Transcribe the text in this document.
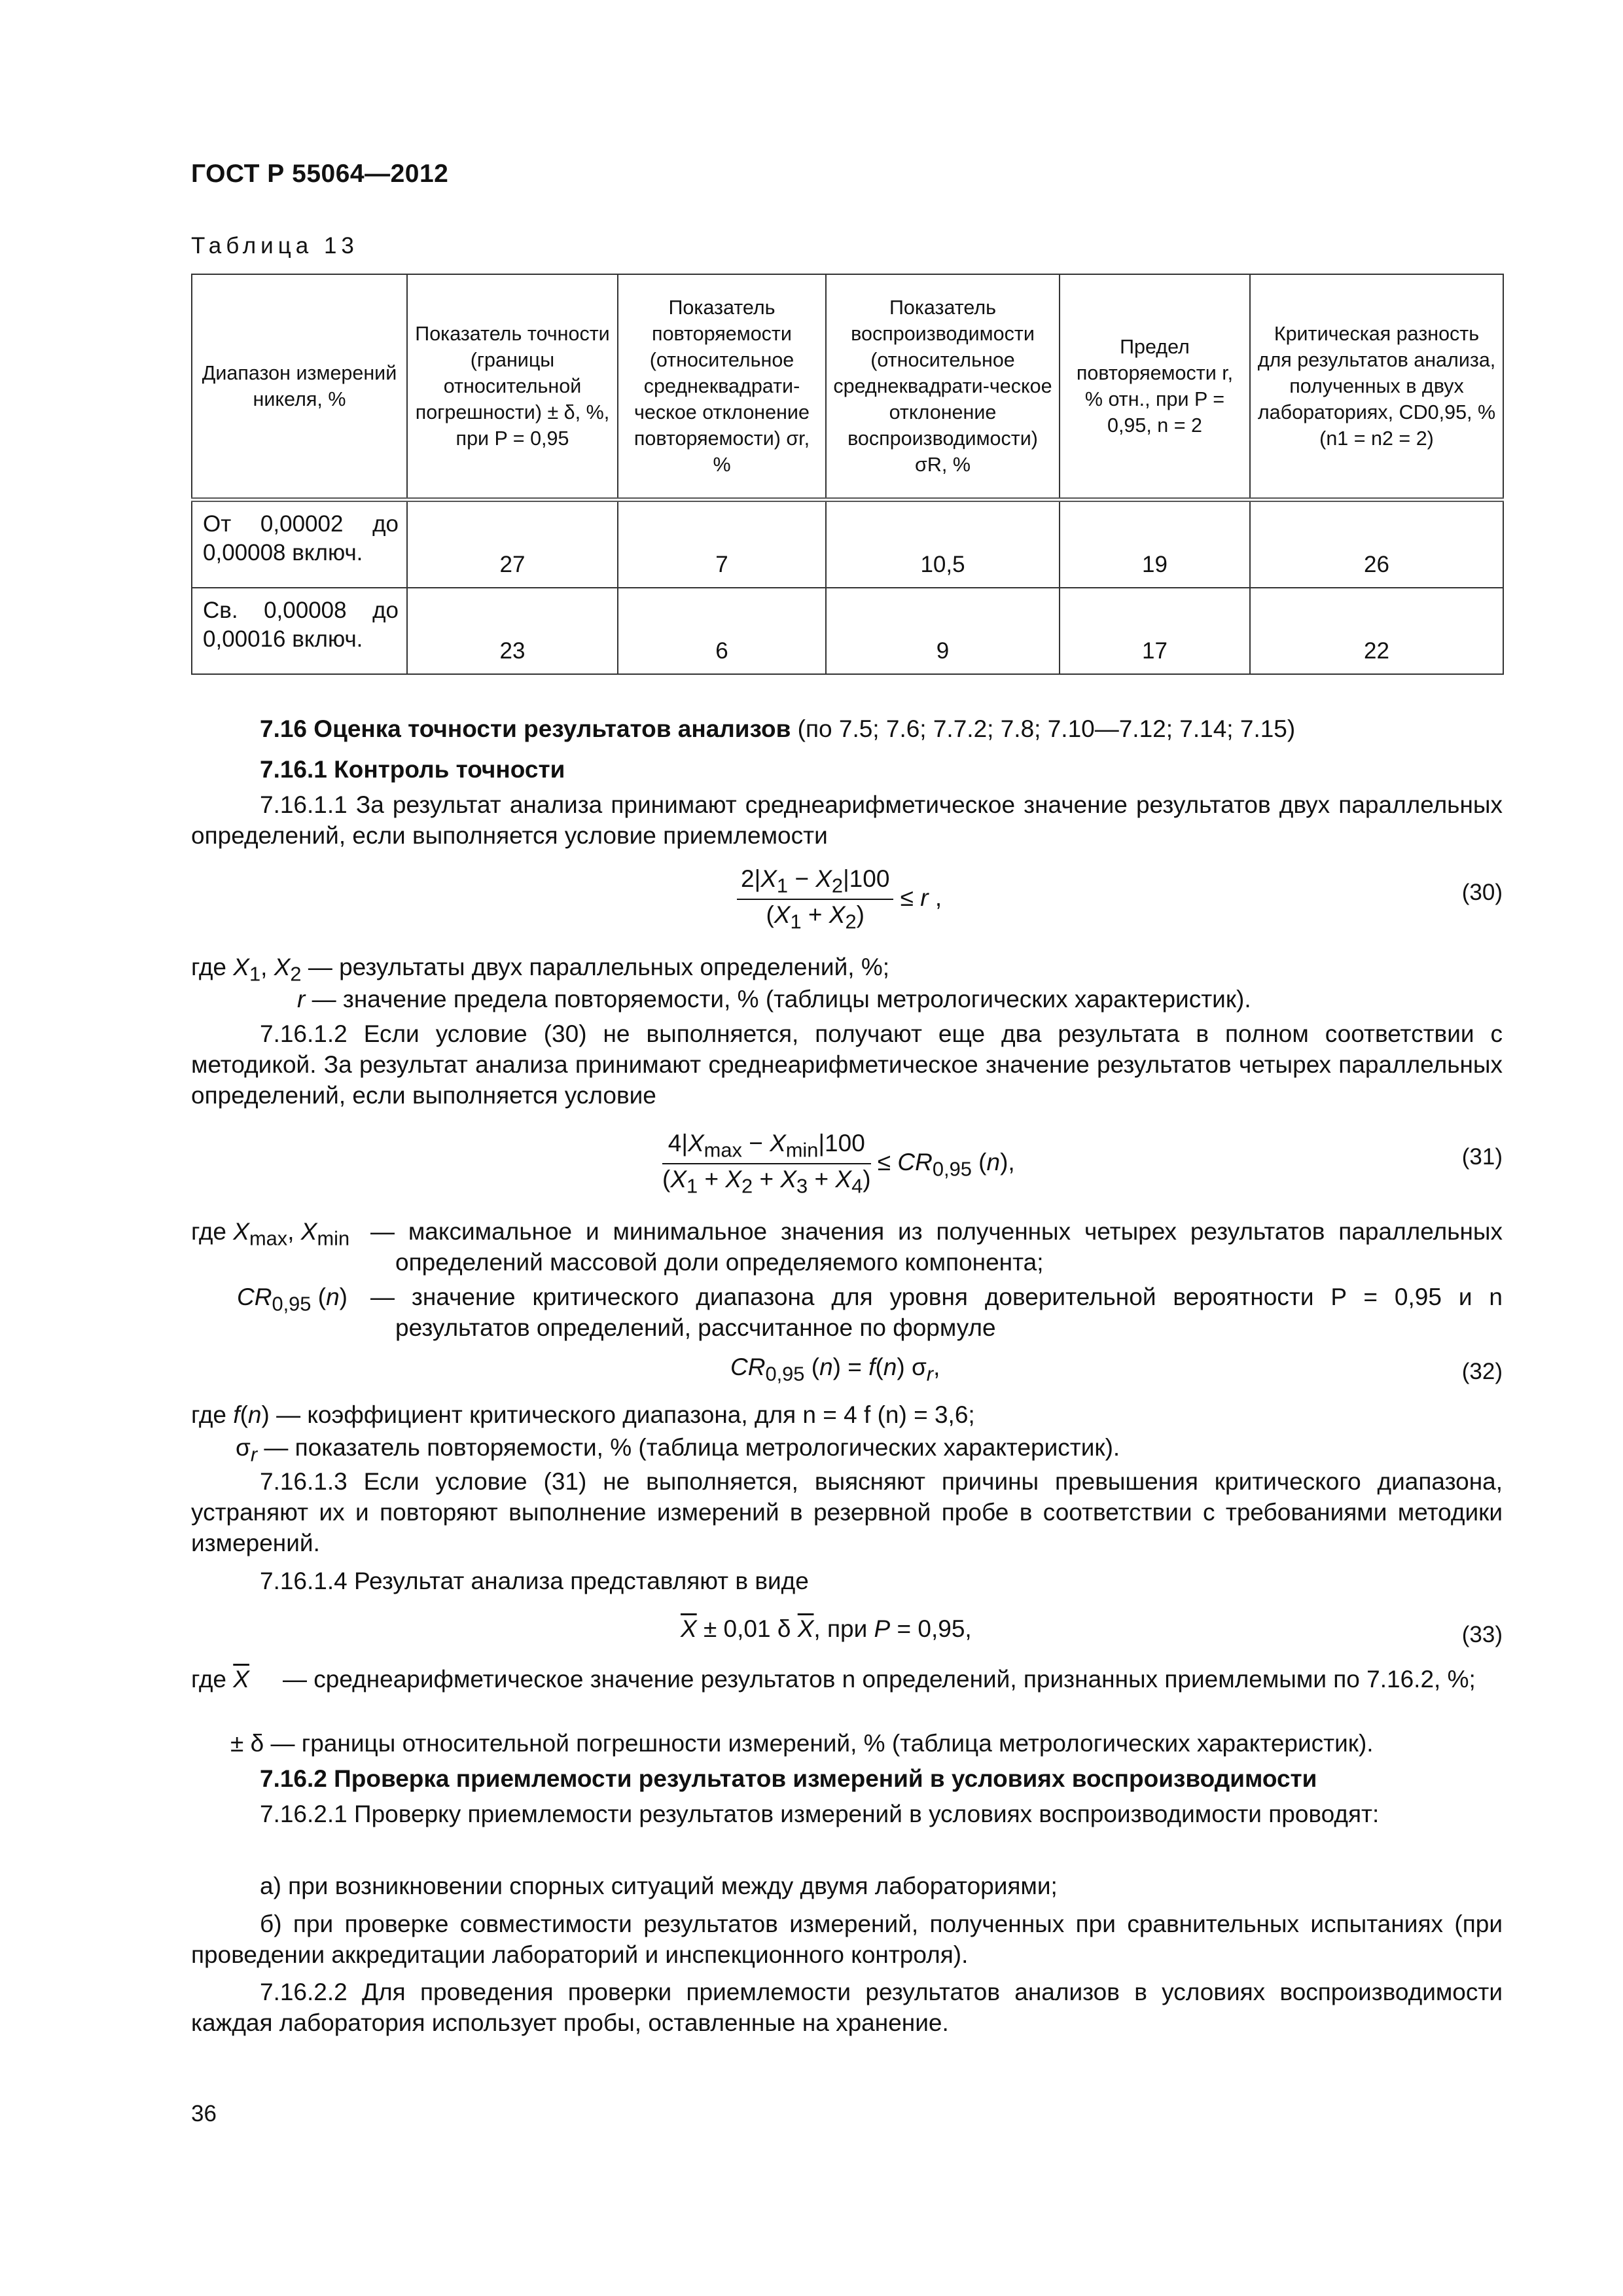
ГОСТ Р 55064—2012
Таблица 13
Диапазон измерений никеля, %	Показатель точности (границы относительной погрешности) ± δ, %, при P = 0,95	Показатель повторяемости (относительное среднеквадрати-ческое отклонение повторяемости) σr, %	Показатель воспроизводимости (относительное среднеквадрати-ческое отклонение воспроизводимости) σR, %	Предел повторяемости r, % отн., при P = 0,95, n = 2	Критическая разность для результатов анализа, полученных в двух лабораториях, CD0,95, % (n1 = n2 = 2)
От 0,00002 до 0,00008 включ.	27	7	10,5	19	26
Св. 0,00008 до 0,00016 включ.	23	6	9	17	22
7.16 Оценка точности результатов анализов (по 7.5; 7.6; 7.7.2; 7.8; 7.10—7.12; 7.14; 7.15)
7.16.1 Контроль точности
7.16.1.1 За результат анализа принимают среднеарифметическое значение результатов двух параллельных определений, если выполняется условие приемлемости
$\frac{2|X_1 - X_2|100}{(X_1 + X_2)} \le r$ ,	(30)
где $X_1$, $X_2$ — результаты двух параллельных определений, %;
r — значение предела повторяемости, % (таблицы метрологических характеристик).
7.16.1.2 Если условие (30) не выполняется, получают еще два результата в полном соответствии с методикой. За результат анализа принимают среднеарифметическое значение результатов четырех параллельных определений, если выполняется условие
$\frac{4|X_{max} - X_{min}|100}{(X_1 + X_2 + X_3 + X_4)} \le CR_{0,95}$ (n),	(31)
где $X_{max}$, $X_{min}$ — максимальное и минимальное значения из полученных четырех результатов параллельных определений массовой доли определяемого компонента;
$CR_{0,95}$ (n) — значение критического диапазона для уровня доверительной вероятности P = 0,95 и n результатов определений, рассчитанное по формуле
$CR_{0,95}$ (n) = f(n) $\sigma_r$,	(32)
где f(n) — коэффициент критического диапазона, для n = 4 f (n) = 3,6;
$\sigma_r$ — показатель повторяемости, % (таблица метрологических характеристик).
7.16.1.3 Если условие (31) не выполняется, выясняют причины превышения критического диапазона, устраняют их и повторяют выполнение измерений в резервной пробе в соответствии с требованиями методики измерений.
7.16.1.4 Результат анализа представляют в виде
$\overline{X} \pm 0,01$ δ $\overline{X}$, при P = 0,95,	(33)
где $\overline{X}$	— среднеарифметическое значение результатов n определений, признанных приемлемыми по 7.16.2, %;
± δ — границы относительной погрешности измерений, % (таблица метрологических характеристик).
7.16.2 Проверка приемлемости результатов измерений в условиях воспроизводимости
7.16.2.1 Проверку приемлемости результатов измерений в условиях воспроизводимости проводят:
а) при возникновении спорных ситуаций между двумя лабораториями;
б) при проверке совместимости результатов измерений, полученных при сравнительных испытаниях (при проведении аккредитации лабораторий и инспекционного контроля).
7.16.2.2 Для проведения проверки приемлемости результатов анализов в условиях воспроизводимости каждая лаборатория использует пробы, оставленные на хранение.
36
